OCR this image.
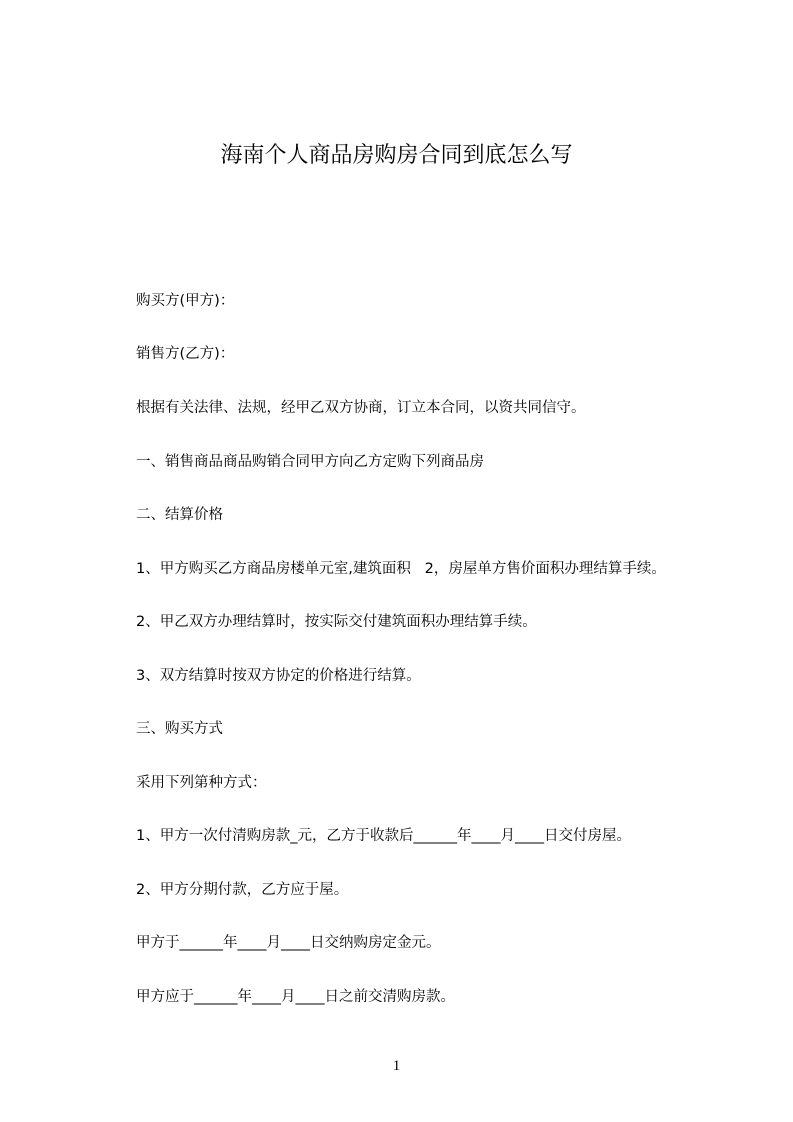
海南个人商品房购房合同到底怎么写
购买方(甲方)：
销售方(乙方)：
根据有关法律、法规，经甲乙双方协商，订立本合同，以资共同信守。
一、销售商品商品购销合同甲方向乙方定购下列商品房
二、结算价格
1、甲方购买乙方商品房楼单元室,建筑面积   2，房屋单方售价面积办理结算手续。
2、甲乙双方办理结算时，按实际交付建筑面积办理结算手续。
3、双方结算时按双方协定的价格进行结算。
三、购买方式
采用下列第种方式：
1、甲方一次付清购房款_元，乙方于收款后______年____月____日交付房屋。
2、甲方分期付款，乙方应于屋。
甲方于______年____月____日交纳购房定金元。
甲方应于______年____月____日之前交清购房款。
1
